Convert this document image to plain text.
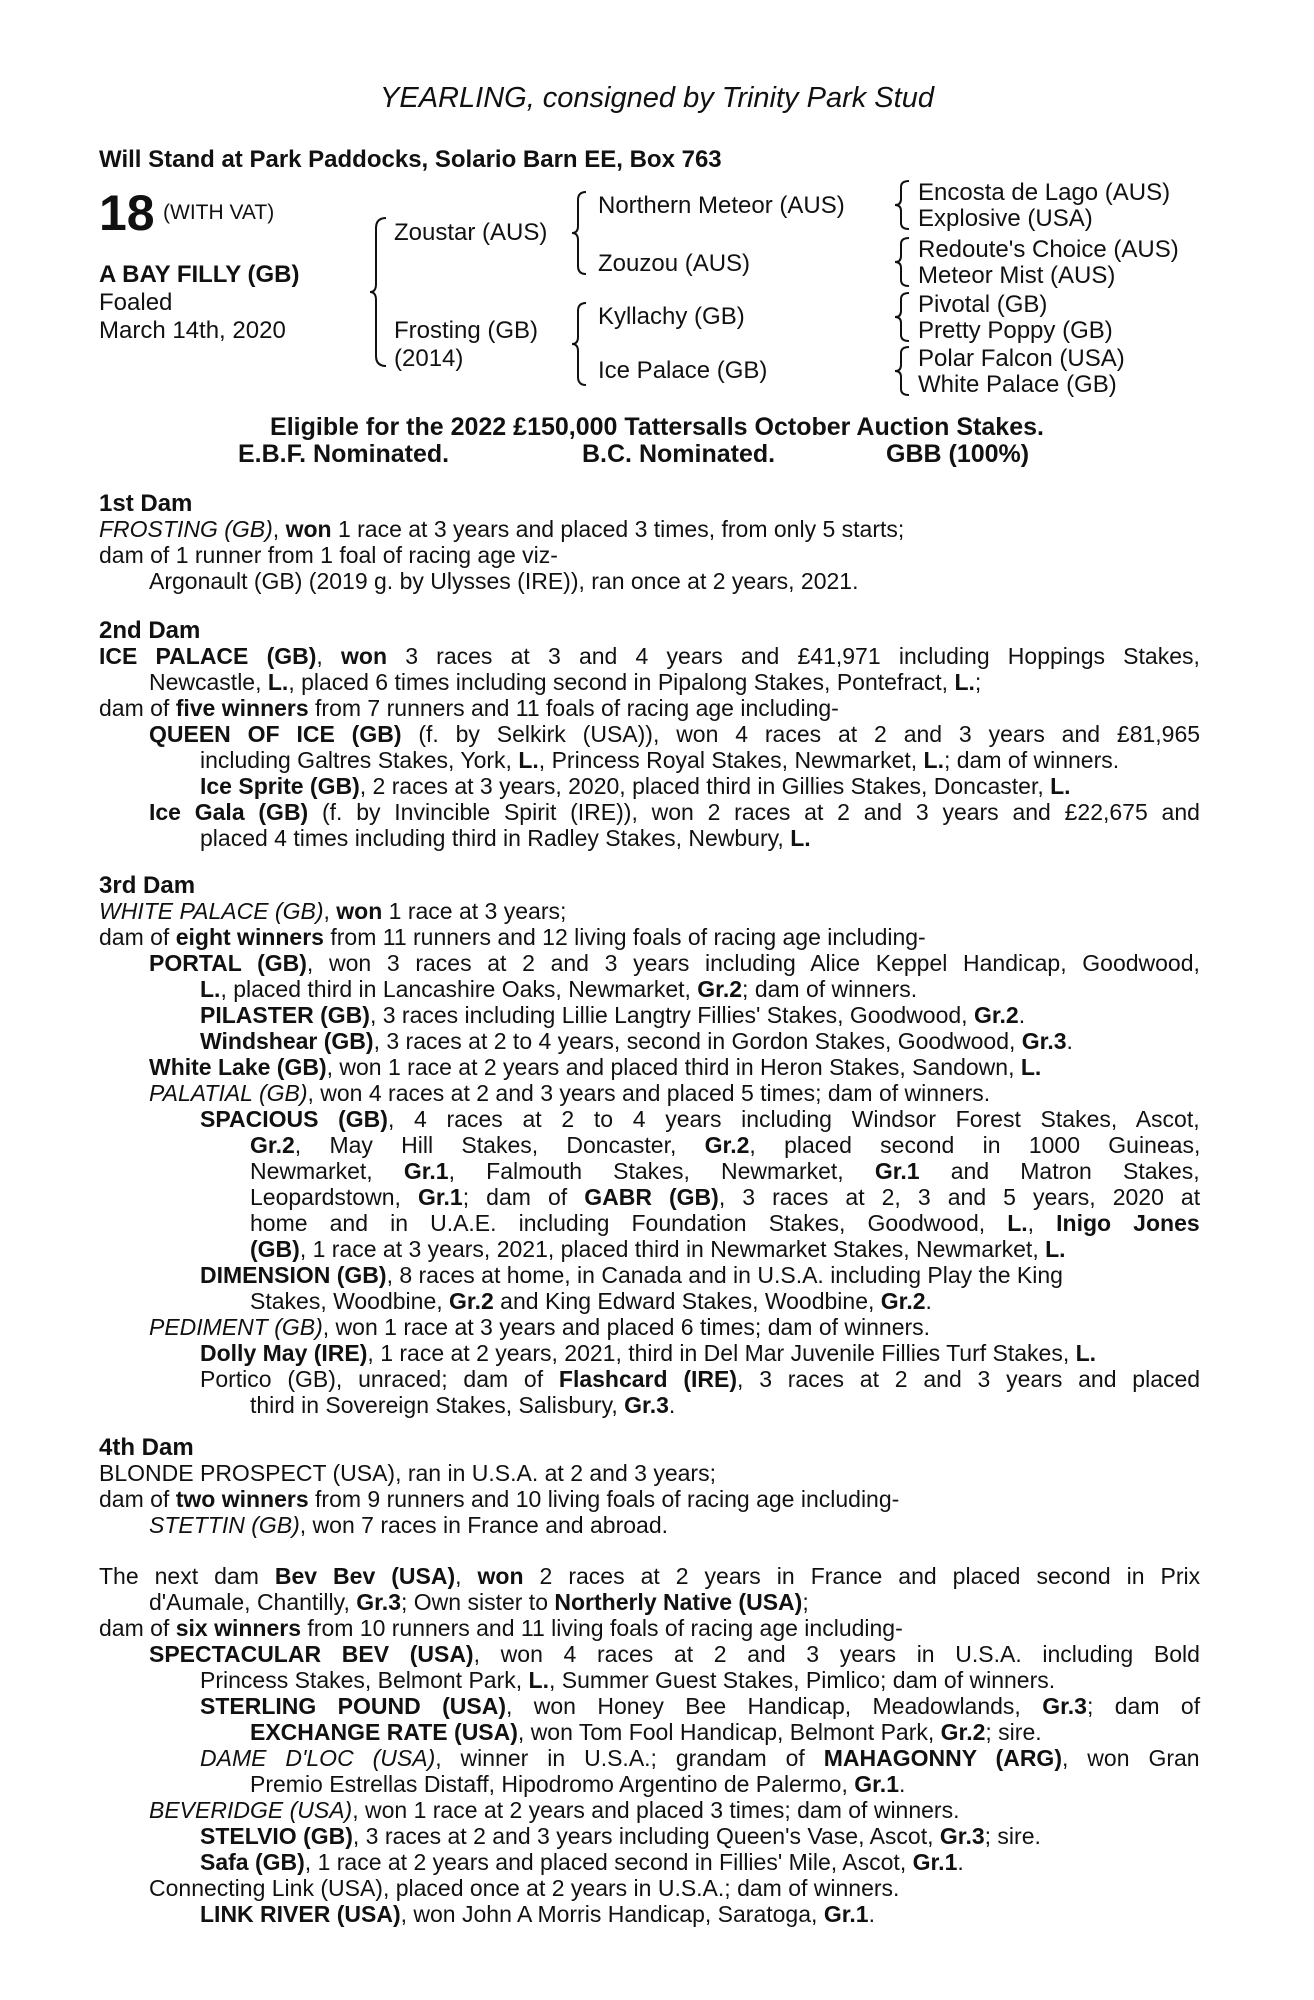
YEARLING, consigned by Trinity Park Stud
Will Stand at Park Paddocks, Solario Barn EE, Box 763
18 (WITH VAT)
A BAY FILLY (GB)
Foaled
March 14th, 2020
Zoustar (AUS)
Frosting (GB)
(2014)
Northern Meteor (AUS)
Zouzou (AUS)
Kyllachy (GB)
Ice Palace (GB)
Encosta de Lago (AUS)
Explosive (USA)
Redoute's Choice (AUS)
Meteor Mist (AUS)
Pivotal (GB)
Pretty Poppy (GB)
Polar Falcon (USA)
White Palace (GB)
Eligible for the 2022 £150,000 Tattersalls October Auction Stakes.
E.B.F. Nominated.	B.C. Nominated.	GBB (100%)
1st Dam
2nd Dam
3rd Dam
4th Dam
FROSTING (GB), won 1 race at 3 years and placed 3 times, from only 5 starts;
dam of 1 runner from 1 foal of racing age viz-
Argonault (GB) (2019 g. by Ulysses (IRE)), ran once at 2 years, 2021.
ICE PALACE (GB), won 3 races at 3 and 4 years and £41,971 including Hoppings Stakes,
Newcastle, L., placed 6 times including second in Pipalong Stakes, Pontefract, L.;
dam of five winners from 7 runners and 11 foals of racing age including-
QUEEN OF ICE (GB) (f. by Selkirk (USA)), won 4 races at 2 and 3 years and £81,965
including Galtres Stakes, York, L., Princess Royal Stakes, Newmarket, L.; dam of winners.
Ice Sprite (GB), 2 races at 3 years, 2020, placed third in Gillies Stakes, Doncaster, L.
Ice Gala (GB) (f. by Invincible Spirit (IRE)), won 2 races at 2 and 3 years and £22,675 and
placed 4 times including third in Radley Stakes, Newbury, L.
WHITE PALACE (GB), won 1 race at 3 years;
dam of eight winners from 11 runners and 12 living foals of racing age including-
PORTAL (GB), won 3 races at 2 and 3 years including Alice Keppel Handicap, Goodwood,
L., placed third in Lancashire Oaks, Newmarket, Gr.2; dam of winners.
PILASTER (GB), 3 races including Lillie Langtry Fillies' Stakes, Goodwood, Gr.2.
Windshear (GB), 3 races at 2 to 4 years, second in Gordon Stakes, Goodwood, Gr.3.
White Lake (GB), won 1 race at 2 years and placed third in Heron Stakes, Sandown, L.
PALATIAL (GB), won 4 races at 2 and 3 years and placed 5 times; dam of winners.
SPACIOUS (GB), 4 races at 2 to 4 years including Windsor Forest Stakes, Ascot,
Gr.2, May Hill Stakes, Doncaster, Gr.2, placed second in 1000 Guineas,
Newmarket, Gr.1, Falmouth Stakes, Newmarket, Gr.1 and Matron Stakes,
Leopardstown, Gr.1; dam of GABR (GB), 3 races at 2, 3 and 5 years, 2020 at
home and in U.A.E. including Foundation Stakes, Goodwood, L., Inigo Jones
(GB), 1 race at 3 years, 2021, placed third in Newmarket Stakes, Newmarket, L.
DIMENSION (GB), 8 races at home, in Canada and in U.S.A. including Play the King
Stakes, Woodbine, Gr.2 and King Edward Stakes, Woodbine, Gr.2.
PEDIMENT (GB), won 1 race at 3 years and placed 6 times; dam of winners.
Dolly May (IRE), 1 race at 2 years, 2021, third in Del Mar Juvenile Fillies Turf Stakes, L.
Portico (GB), unraced; dam of Flashcard (IRE), 3 races at 2 and 3 years and placed
third in Sovereign Stakes, Salisbury, Gr.3.
BLONDE PROSPECT (USA), ran in U.S.A. at 2 and 3 years;
dam of two winners from 9 runners and 10 living foals of racing age including-
STETTIN (GB), won 7 races in France and abroad.
The next dam Bev Bev (USA), won 2 races at 2 years in France and placed second in Prix
d'Aumale, Chantilly, Gr.3; Own sister to Northerly Native (USA);
dam of six winners from 10 runners and 11 living foals of racing age including-
SPECTACULAR BEV (USA), won 4 races at 2 and 3 years in U.S.A. including Bold
Princess Stakes, Belmont Park, L., Summer Guest Stakes, Pimlico; dam of winners.
STERLING POUND (USA), won Honey Bee Handicap, Meadowlands, Gr.3; dam of
EXCHANGE RATE (USA), won Tom Fool Handicap, Belmont Park, Gr.2; sire.
DAME D'LOC (USA), winner in U.S.A.; grandam of MAHAGONNY (ARG), won Gran
Premio Estrellas Distaff, Hipodromo Argentino de Palermo, Gr.1.
BEVERIDGE (USA), won 1 race at 2 years and placed 3 times; dam of winners.
STELVIO (GB), 3 races at 2 and 3 years including Queen's Vase, Ascot, Gr.3; sire.
Safa (GB), 1 race at 2 years and placed second in Fillies' Mile, Ascot, Gr.1.
Connecting Link (USA), placed once at 2 years in U.S.A.; dam of winners.
LINK RIVER (USA), won John A Morris Handicap, Saratoga, Gr.1.
